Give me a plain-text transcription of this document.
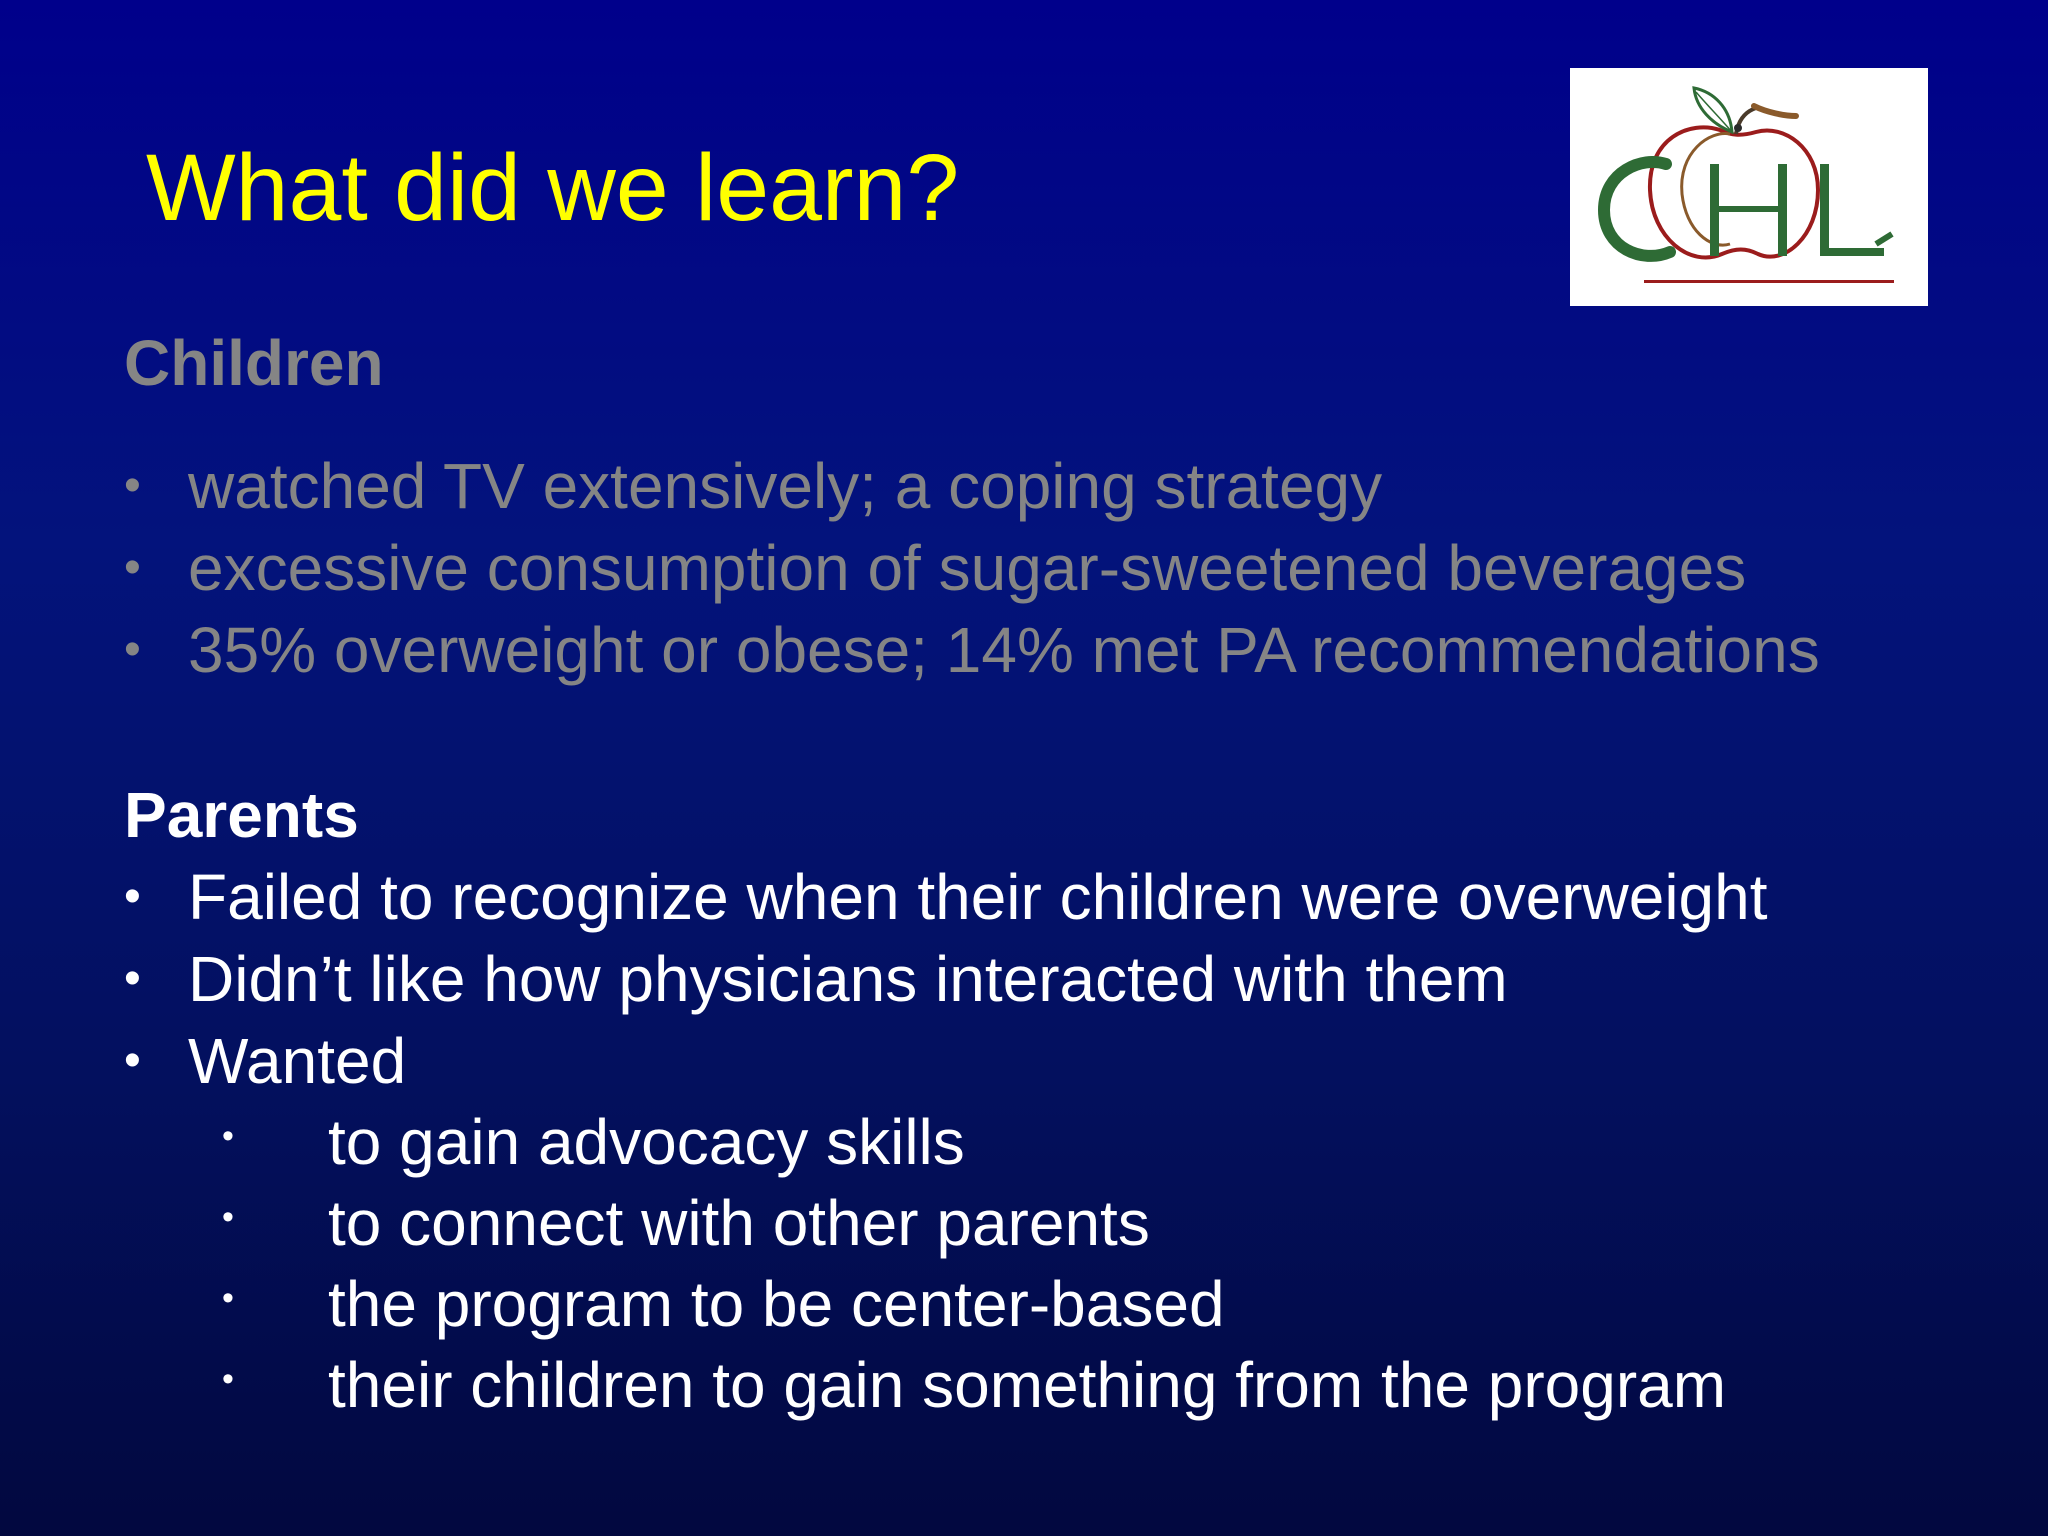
What did we learn?
Children
• watched TV extensively; a coping strategy
• excessive consumption of sugar-sweetened beverages
• 35% overweight or obese; 14% met PA recommendations
Parents
• Failed to recognize when their children were overweight
• Didn’t like how physicians interacted with them
• Wanted
• to gain advocacy skills
• to connect with other parents
• the program to be center-based
• their children to gain something from the program
